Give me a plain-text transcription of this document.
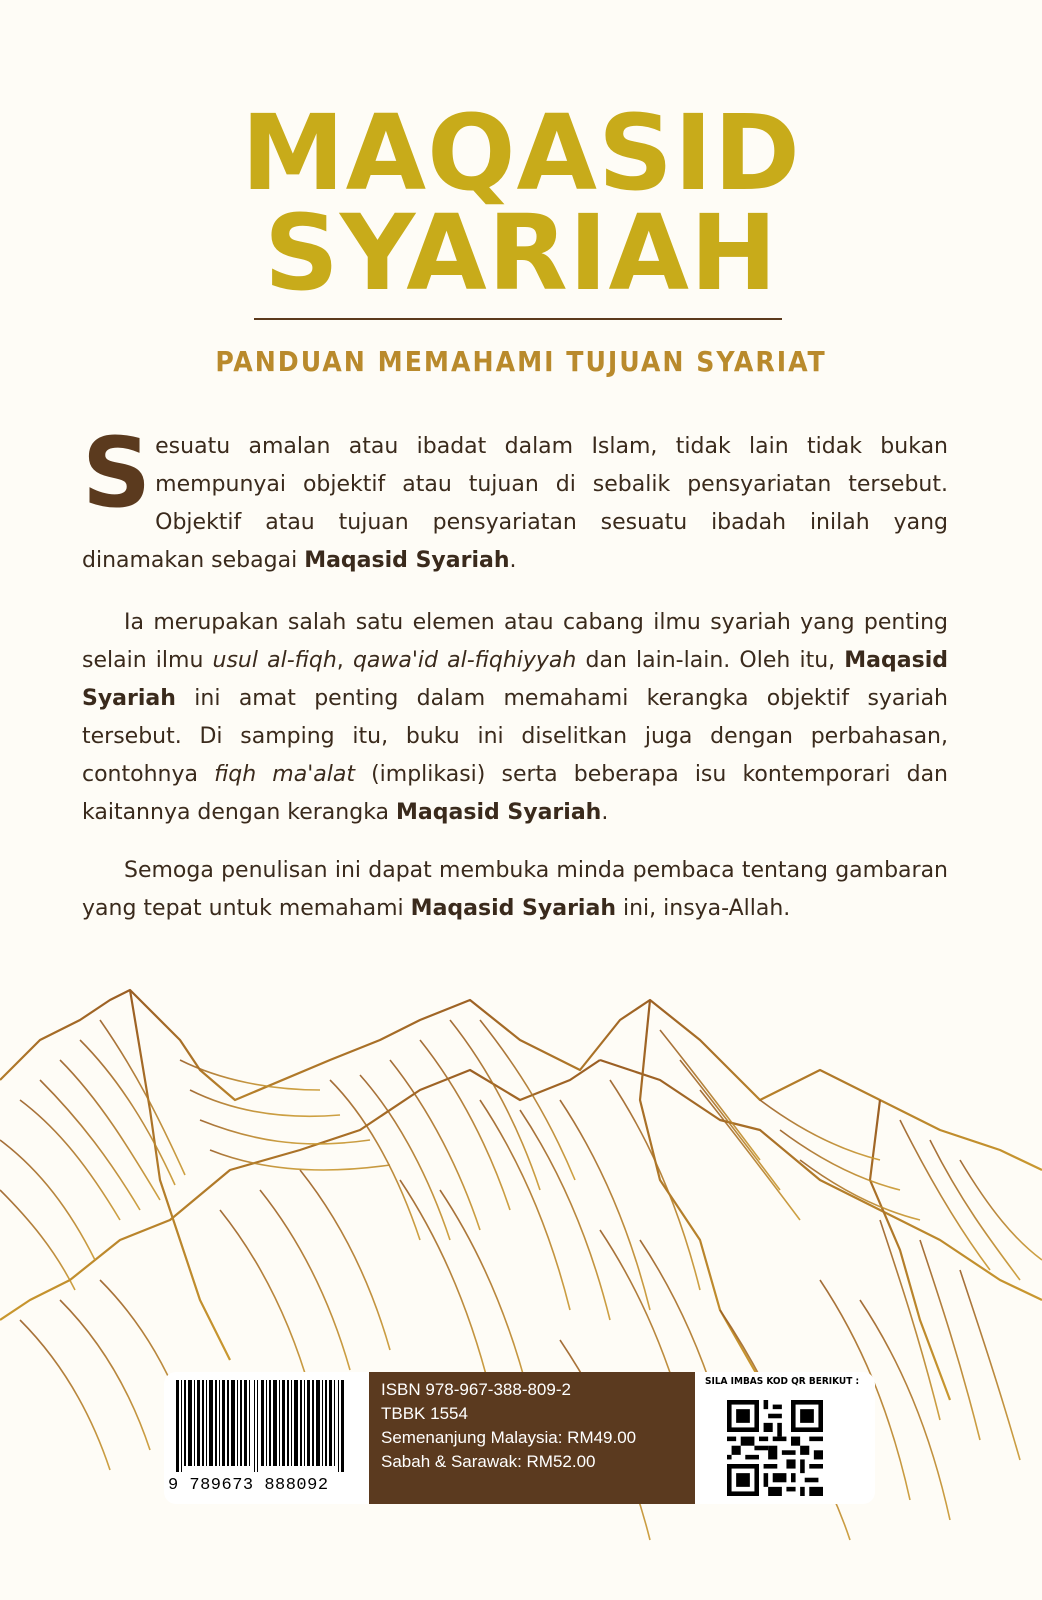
MAQASID
SYARIAH
PANDUAN MEMAHAMI TUJUAN SYARIAT

Sesuatu amalan atau ibadat dalam Islam, tidak lain tidak bukan mempunyai objektif atau tujuan di sebalik pensyariatan tersebut. Objektif atau tujuan pensyariatan sesuatu ibadah inilah yang dinamakan sebagai Maqasid Syariah.

Ia merupakan salah satu elemen atau cabang ilmu syariah yang penting selain ilmu usul al-fiqh, qawa'id al-fiqhiyyah dan lain-lain. Oleh itu, Maqasid Syariah ini amat penting dalam memahami kerangka objektif syariah tersebut. Di samping itu, buku ini diselitkan juga dengan perbahasan, contohnya fiqh ma'alat (implikasi) serta beberapa isu kontemporari dan kaitannya dengan kerangka Maqasid Syariah.

Semoga penulisan ini dapat membuka minda pembaca tentang gambaran yang tepat untuk memahami Maqasid Syariah ini, insya-Allah.

9 789673 888092
ISBN 978-967-388-809-2
TBBK 1554
Semenanjung Malaysia: RM49.00
Sabah & Sarawak: RM52.00
SILA IMBAS KOD QR BERIKUT :
